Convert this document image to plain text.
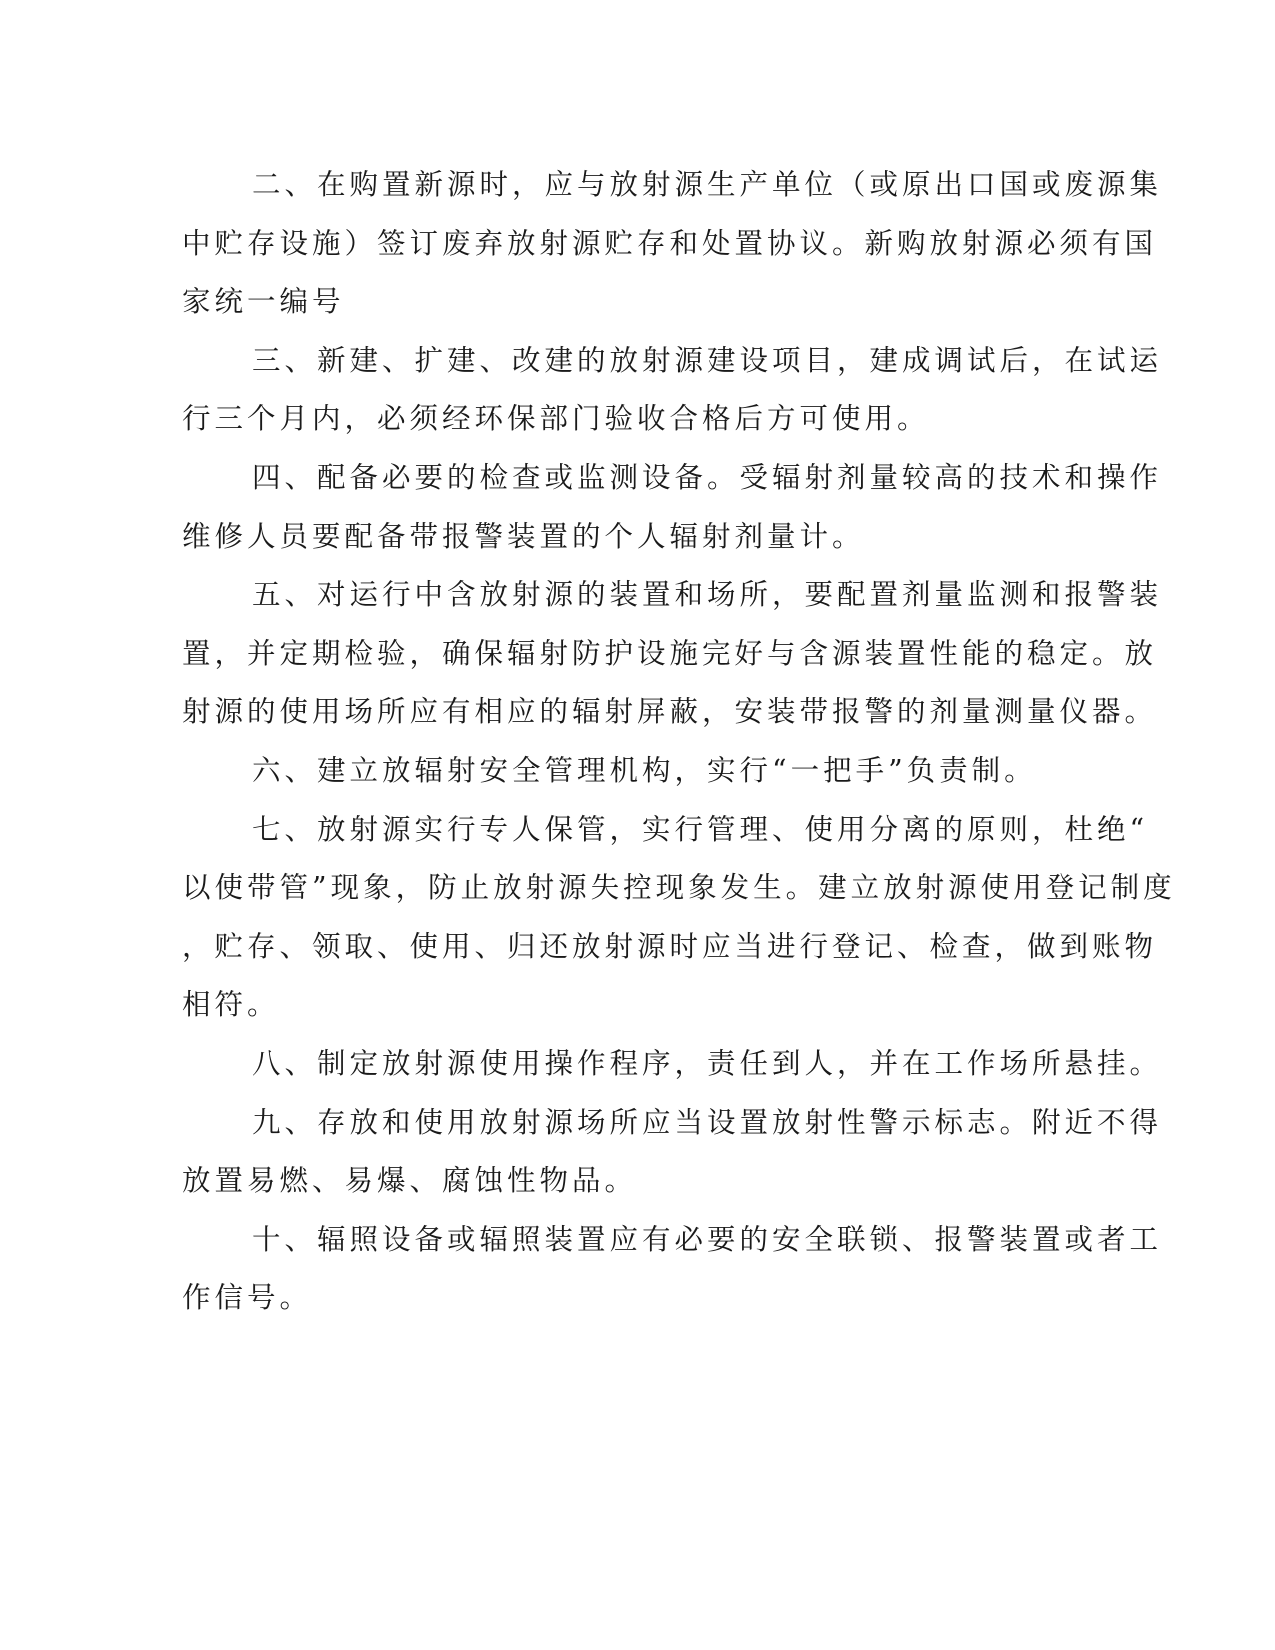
二、在购置新源时，应与放射源生产单位（或原出口国或废源集
中贮存设施）签订废弃放射源贮存和处置协议。新购放射源必须有国
家统一编号
三、新建、扩建、改建的放射源建设项目，建成调试后，在试运
行三个月内，必须经环保部门验收合格后方可使用。
四、配备必要的检查或监测设备。受辐射剂量较高的技术和操作
维修人员要配备带报警装置的个人辐射剂量计。
五、对运行中含放射源的装置和场所，要配置剂量监测和报警装
置，并定期检验，确保辐射防护设施完好与含源装置性能的稳定。放
射源的使用场所应有相应的辐射屏蔽，安装带报警的剂量测量仪器。
六、建立放辐射安全管理机构，实行“一把手”负责制。
七、放射源实行专人保管，实行管理、使用分离的原则，杜绝“
以使带管”现象，防止放射源失控现象发生。建立放射源使用登记制度
，贮存、领取、使用、归还放射源时应当进行登记、检查，做到账物
相符。
八、制定放射源使用操作程序，责任到人，并在工作场所悬挂。
九、存放和使用放射源场所应当设置放射性警示标志。附近不得
放置易燃、易爆、腐蚀性物品。
十、辐照设备或辐照装置应有必要的安全联锁、报警装置或者工
作信号。
